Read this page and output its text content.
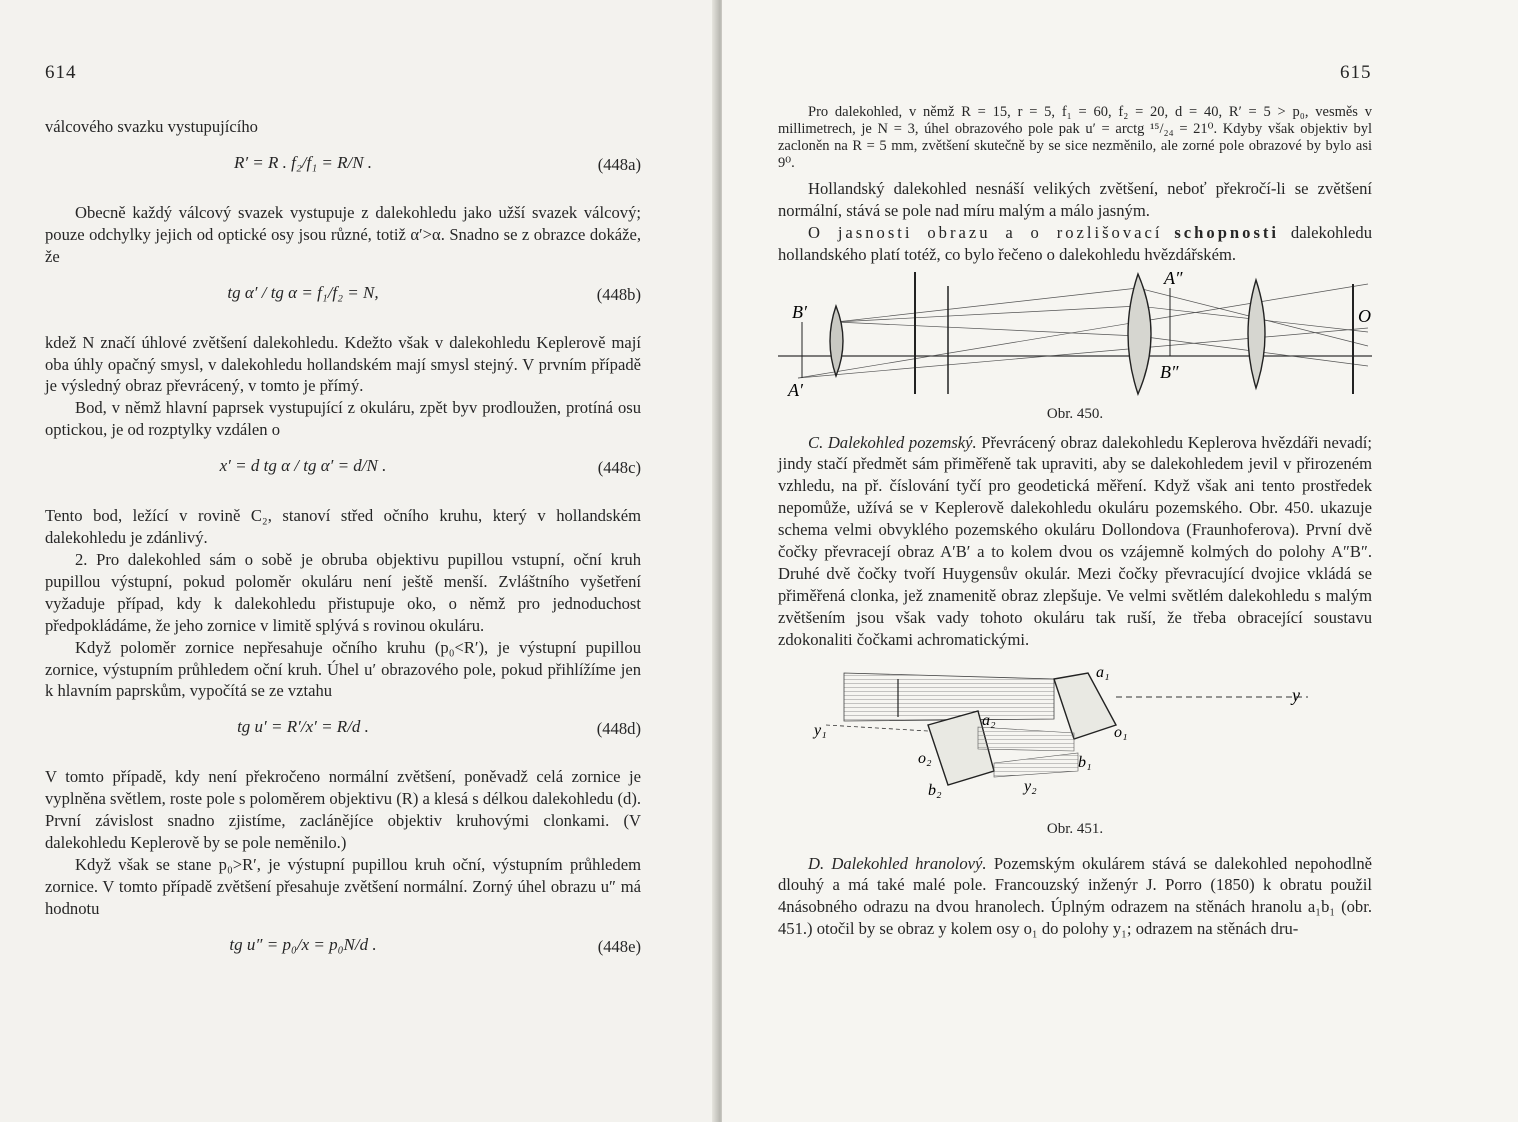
614

válcového svazku vystupujícího

R′ = R . f₂/f₁ = R/N .	(448a)

Obecně každý válcový svazek vystupuje z dalekohledu jako užší svazek válcový; pouze odchylky jejich od optické osy jsou různé, totiž α′>α. Snadno se z obrazce dokáže, že

tg α′ / tg α = f₁/f₂ = N,	(448b)

kdež N značí úhlové zvětšení dalekohledu. Kdežto však v dalekohledu Keplerově mají oba úhly opačný smysl, v dalekohledu hollandském mají smysl stejný. V prvním případě je výsledný obraz převrácený, v tomto je přímý.

Bod, v němž hlavní paprsek vystupující z okuláru, zpět byv prodloužen, protíná osu optickou, je od rozptylky vzdálen o

x′ = d tg α / tg α′ = d/N .	(448c)

Tento bod, ležící v rovině C₂, stanoví střed očního kruhu, který v hollandském dalekohledu je zdánlivý.

2. Pro dalekohled sám o sobě je obruba objektivu pupillou vstupní, oční kruh pupillou výstupní, pokud poloměr okuláru není ještě menší. Zvláštního vyšetření vyžaduje případ, kdy k dalekohledu přistupuje oko, o němž pro jednoduchost předpokládáme, že jeho zornice v limitě splývá s rovinou okuláru.

Když poloměr zornice nepřesahuje očního kruhu (p₀<R′), je výstupní pupillou zornice, výstupním průhledem oční kruh. Úhel u′ obrazového pole, pokud přihlížíme jen k hlavním paprskům, vypočítá se ze vztahu

tg u′ = R′/x′ = R/d .	(448d)

V tomto případě, kdy není překročeno normální zvětšení, poněvadž celá zornice je vyplněna světlem, roste pole s poloměrem objektivu (R) a klesá s délkou dalekohledu (d). První závislost snadno zjistíme, zaclánějíce objektiv kruhovými clonkami. (V dalekohledu Keplerově by se pole neměnilo.)

Když však se stane p₀>R′, je výstupní pupillou kruh oční, výstupním průhledem zornice. V tomto případě zvětšení přesahuje zvětšení normální. Zorný úhel obrazu u″ má hodnotu

tg u″ = p₀/x = p₀N/d .	(448e)
615

Pro dalekohled, v němž R = 15, r = 5, f₁ = 60, f₂ = 20, d = 40, R′ = 5 > p₀, vesměs v millimetrech, je N = 3, úhel obrazového pole pak u′ = arctg ¹⁵/₂₄ = 21⁰. Kdyby však objektiv byl zacloněn na R = 5 mm, zvětšení skutečně by se sice nezměnilo, ale zorné pole obrazové by bylo asi 9⁰.

Hollandský dalekohled nesnáší velikých zvětšení, neboť překročí-li se zvětšení normální, stává se pole nad míru malým a málo jasným.

O jasnosti obrazu a o rozlišovací schopnosti dalekohledu hollandského platí totéž, co bylo řečeno o dalekohledu hvězdářském.

B′
A′
A″
B″
O
Obr. 450.

C. Dalekohled pozemský. Převrácený obraz dalekohledu Keplerova hvězdáři nevadí; jindy stačí předmět sám přiměřeně tak upraviti, aby se dalekohledem jevil v přirozeném vzhledu, na př. číslování tyčí pro geodetická měření. Když však ani tento prostředek nepomůže, užívá se v Keplerově dalekohledu okuláru pozemského. Obr. 450. ukazuje schema velmi obvyklého pozemského okuláru Dollondova (Fraunhoferova). První dvě čočky převracejí obraz A′B′ a to kolem dvou os vzájemně kolmých do polohy A″B″. Druhé dvě čočky tvoří Huygensův okulár. Mezi čočky převracující dvojice vkládá se přiměřená clonka, jež znamenitě obraz zlepšuje. Ve velmi světlém dalekohledu s malým zvětšením jsou však vady tohoto okuláru tak ruší, že třeba obracející soustavu zdokonaliti čočkami achromatickými.

y
y₁
y₂
a₁
a₂
o₁
o₂	b₁
b₂
Obr. 451.

D. Dalekohled hranolový. Pozemským okulárem stává se dalekohled nepohodlně dlouhý a má také malé pole. Francouzský inženýr J. Porro (1850) k obratu použil 4násobného odrazu na dvou hranolech. Úplným odrazem na stěnách hranolu a₁b₁ (obr. 451.) otočil by se obraz y kolem osy o₁ do polohy y₁; odrazem na stěnách dru-
